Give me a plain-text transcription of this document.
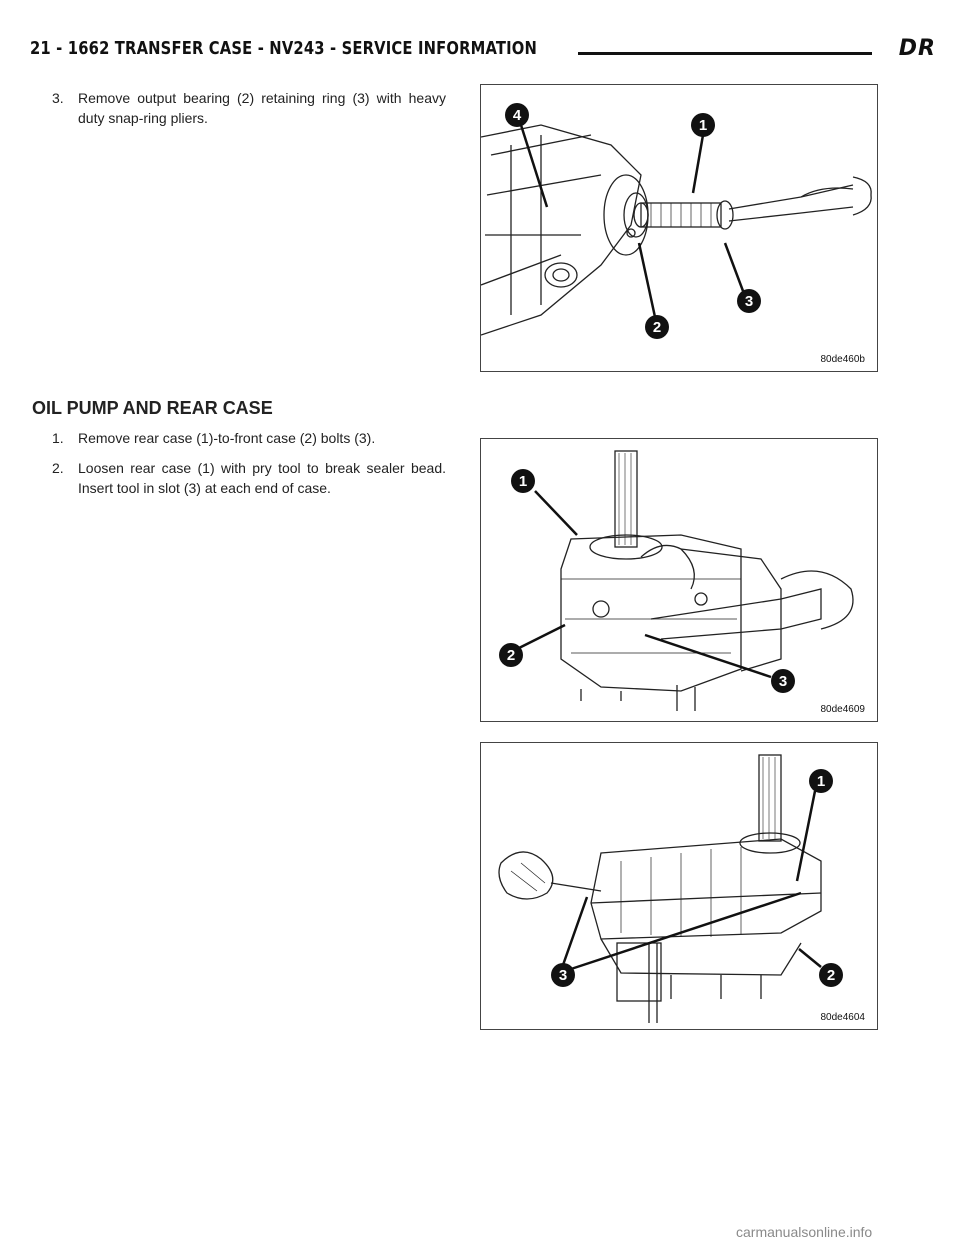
21 - 1662 TRANSFER CASE - NV243 - SERVICE INFORMATION	DR
3.	Remove output bearing (2) retaining ring (3) with heavy duty snap-ring pliers.	4
1
3
2
80de460b
OIL PUMP AND REAR CASE
1.	Remove rear case (1)-to-front case (2) bolts (3).
2.	Loosen rear case (1) with pry tool to break sealer bead. Insert tool in slot (3) at each end of case.	1
2
3
80de4609
1
3	2
80de4604
carmanualsonline.info
